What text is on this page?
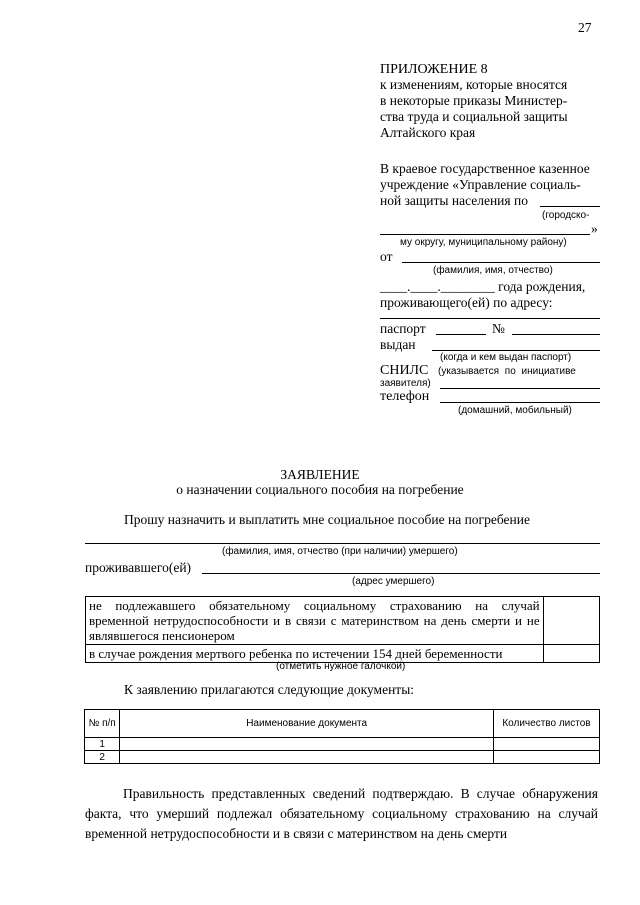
27
ПРИЛОЖЕНИЕ 8
к изменениям, которые вносятся
в некоторые приказы Министер-
ства труда и социальной защиты
Алтайского края
В краевое государственное казенное
учреждение «Управление социаль-
ной защиты населения по
(городско-
»
му округу, муниципальному району)
от
(фамилия, имя, отчество)
____.____.________ года рождения,
проживающего(ей) по адресу:
паспорт	№
выдан
(когда и кем выдан паспорт)
СНИЛС (указывается по инициативе
заявителя)
телефон
(домашний, мобильный)
ЗАЯВЛЕНИЕ
о назначении социального пособия на погребение
Прошу назначить и выплатить мне социальное пособие на погребение
(фамилия, имя, отчество (при наличии) умершего)
проживавшего(ей)
(адрес умершего)
не подлежавшего обязательному социальному страхованию на случай временной нетрудоспособности и в связи с материнством на день смерти и не являвшегося пенсионером	
в случае рождения мертвого ребенка по истечении 154 дней беременности	
(отметить нужное галочкой)
К заявлению прилагаются следующие документы:
№ п/п	Наименование документа	Количество листов
1		
2		
Правильность представленных сведений подтверждаю. В случае обнаружения факта, что умерший подлежал обязательному социальному страхованию на случай временной нетрудоспособности и в связи с материнством на день смерти
